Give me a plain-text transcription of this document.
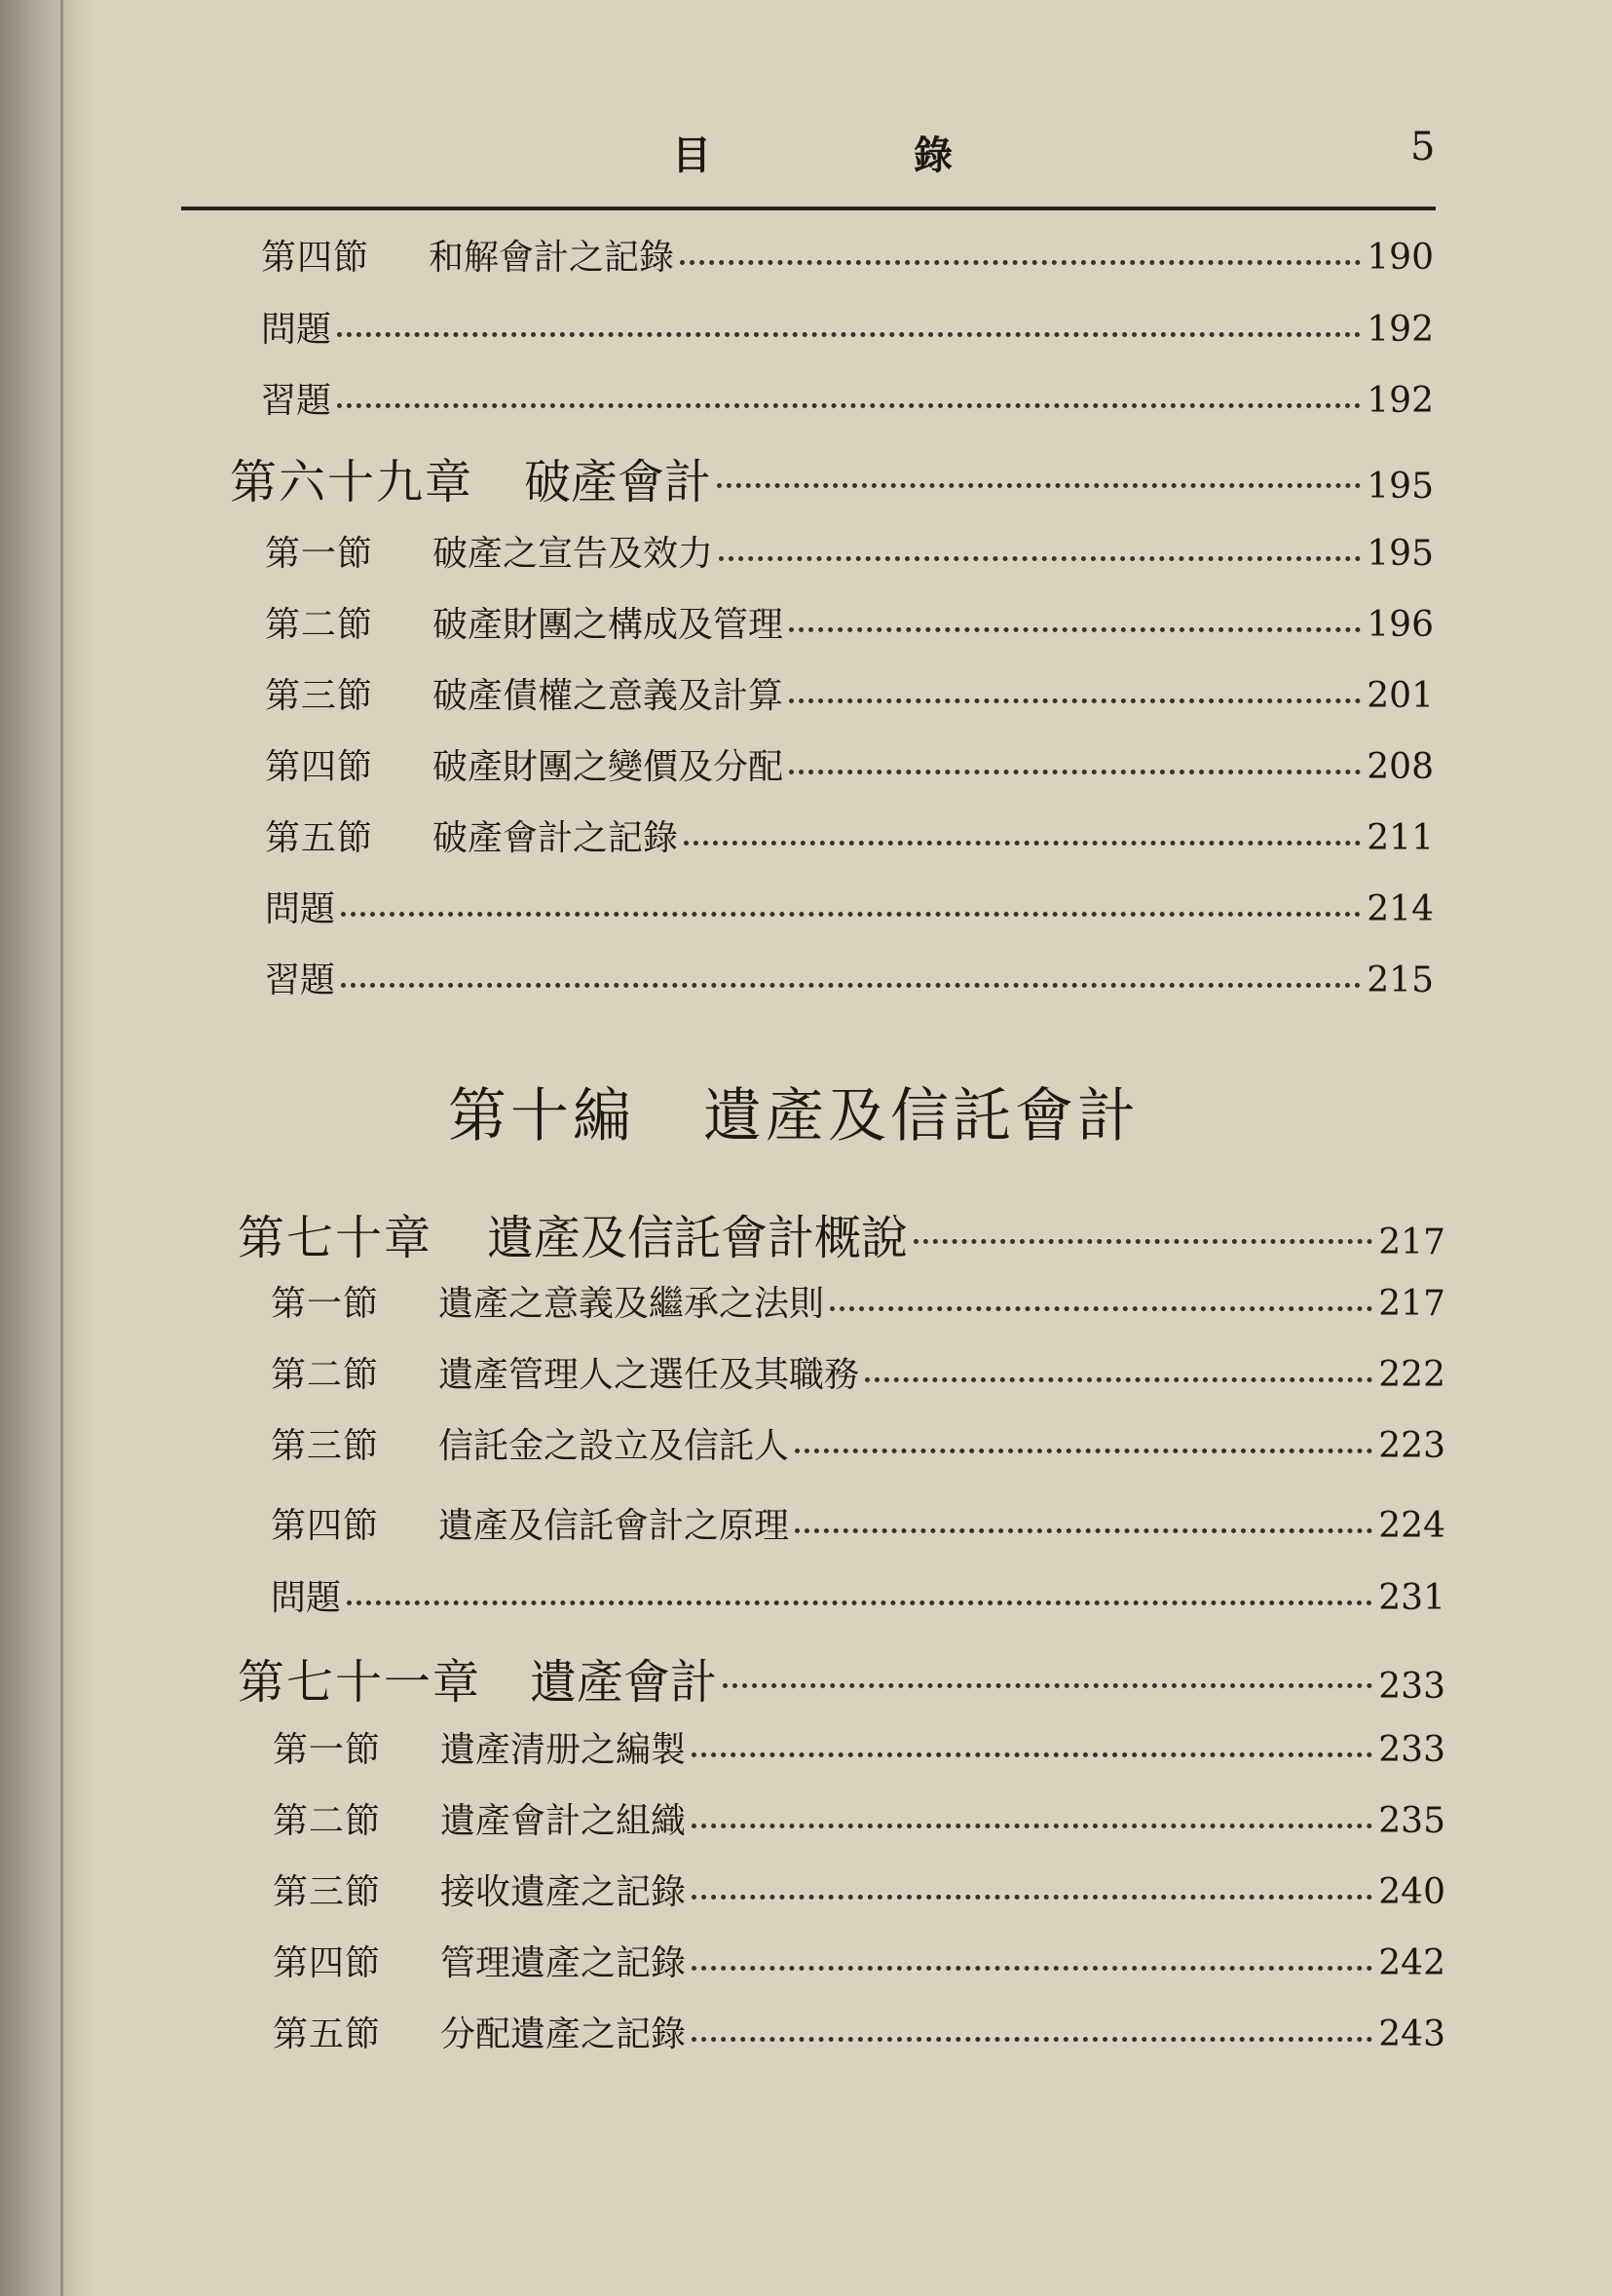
目	錄	5
第四節	和解會計之記錄	190
問題	192
習題	192
第六十九章 破產會計	195
第一節	破產之宣告及效力	195
第二節	破產財團之構成及管理	196
第三節	破產債權之意義及計算	201
第四節	破產財團之變價及分配	208
第五節	破產會計之記錄	211
問題	214
習題	215
第十編 遺產及信託會計
第七十章 遺產及信託會計概說	217
第一節	遺產之意義及繼承之法則	217
第二節	遺產管理人之選任及其職務	222
第三節	信託金之設立及信託人	223
第四節	遺產及信託會計之原理	224
問題	231
第七十一章 遺產會計	233
第一節	遺產清册之編製	233
第二節	遺產會計之組織	235
第三節	接收遺產之記錄	240
第四節	管理遺產之記錄	242
第五節	分配遺產之記錄	243
